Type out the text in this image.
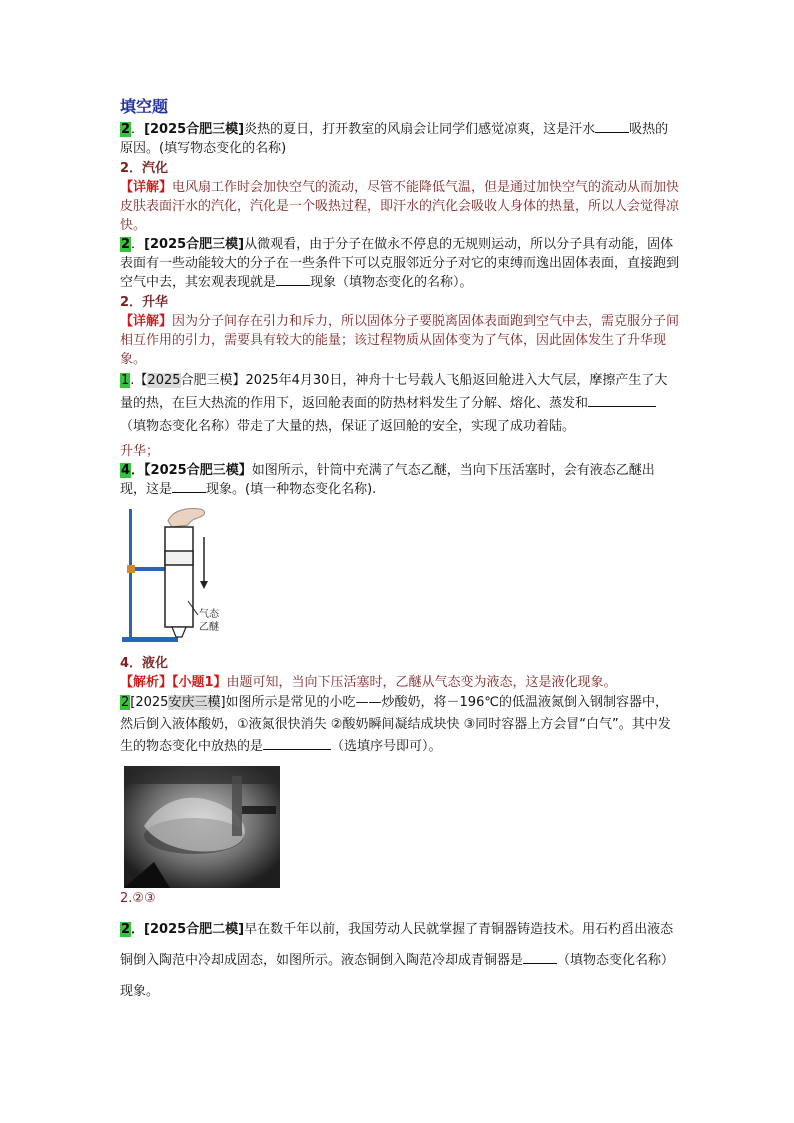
填空题

2．[2025合肥三模]炎热的夏日，打开教室的风扇会让同学们感觉凉爽，这是汗水	吸热的原因。(填写物态变化的名称)

2．汽化

【详解】电风扇工作时会加快空气的流动，尽管不能降低气温，但是通过加快空气的流动从而加快皮肤表面汗水的汽化，汽化是一个吸热过程，即汗水的汽化会吸收人身体的热量，所以人会觉得凉快。

2．[2025合肥三模]从微观看，由于分子在做永不停息的无规则运动，所以分子具有动能，固体表面有一些动能较大的分子在一些条件下可以克服邻近分子对它的束缚而逸出固体表面，直接跑到空气中去，其宏观表现就是	现象（填物态变化的名称）。

2．升华

【详解】因为分子间存在引力和斥力，所以固体分子要脱离固体表面跑到空气中去，需克服分子间相互作用的引力，需要具有较大的能量；该过程物质从固体变为了气体，因此固体发生了升华现象。

1.【2025合肥三模】2025年4月30日，神舟十七号载人飞船返回舱进入大气层，摩擦产生了大量的热，在巨大热流的作用下，返回舱表面的防热材料发生了分解、熔化、蒸发和（填物态变化名称）带走了大量的热，保证了返回舱的安全，实现了成功着陆。

升华；

4．【2025合肥三模】如图所示，针筒中充满了气态乙醚，当向下压活塞时，会有液态乙醚出现，这是	现象。(填一种物态变化名称).

气态
乙醚

4．液化

【解析】【小题1】由题可知，当向下压活塞时，乙醚从气态变为液态，这是液化现象。

2[2025安庆三模]如图所示是常见的小吃——炒酸奶，将－196℃的低温液氮倒入钢制容器中，然后倒入液体酸奶，①液氮很快消失 ②酸奶瞬间凝结成块快 ③同时容器上方会冒“白气”。其中发生的物态变化中放热的是	（选填序号即可）。

2.②③

2．[2025合肥二模]早在数千年以前，我国劳动人民就掌握了青铜器铸造技术。用石杓舀出液态铜倒入陶范中冷却成固态，如图所示。液态铜倒入陶范冷却成青铜器是	（填物态变化名称）现象。
